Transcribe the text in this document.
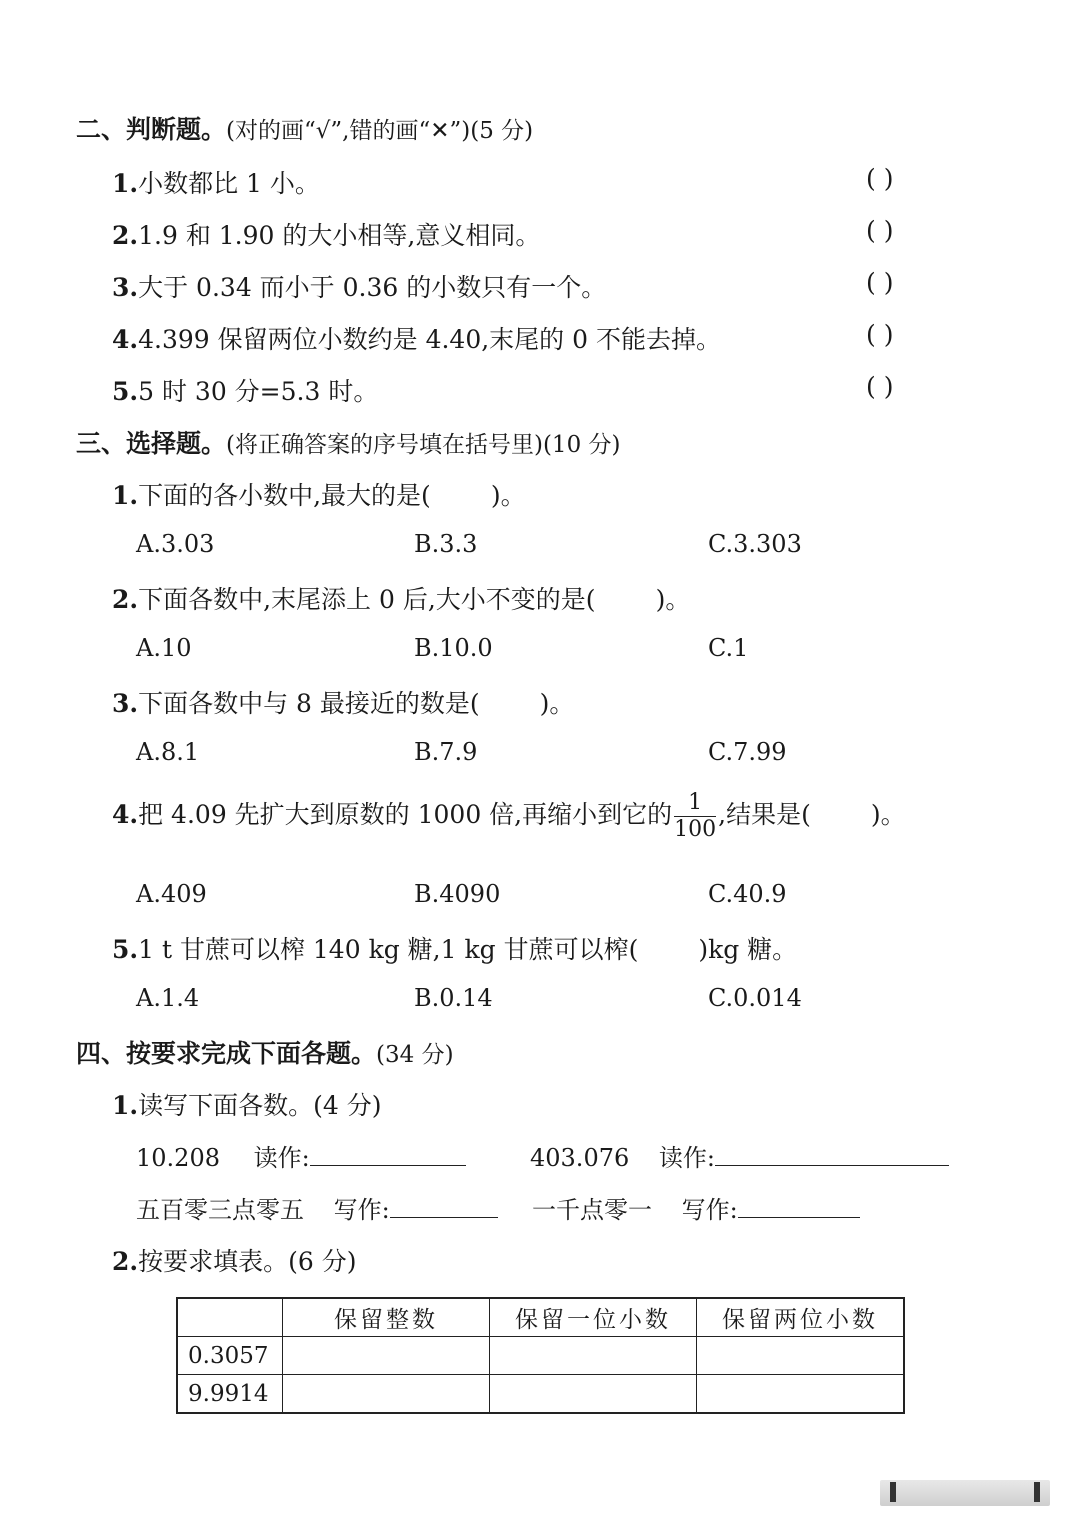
二、判断题。(对的画“√”,错的画“✕”)(5 分)
1.小数都比 1 小。	( )
2.1.9 和 1.90 的大小相等,意义相同。	( )
3.大于 0.34 而小于 0.36 的小数只有一个。	( )
4.4.399 保留两位小数约是 4.40,末尾的 0 不能去掉。	( )
5.5 时 30 分=5.3 时。	( )
三、选择题。(将正确答案的序号填在括号里)(10 分)
1.下面的各小数中,最大的是( )。
A.3.03	B.3.3	C.3.303
2.下面各数中,末尾添上 0 后,大小不变的是( )。
A.10	B.10.0	C.1
3.下面各数中与 8 最接近的数是( )。
A.8.1	B.7.9	C.7.99
4.把 4.09 先扩大到原数的 1000 倍,再缩小到它的 $\frac{1}{100}$ ,结果是( )。
A.409	B.4090	C.40.9
5.1 t 甘蔗可以榨 140 kg 糖,1 kg 甘蔗可以榨( )kg 糖。
A.1.4	B.0.14	C.0.014
四、按要求完成下面各题。(34 分)
1.读写下面各数。(4 分)
10.208 读作:	403.076 读作:
五百零三点零五 写作:	一千点零一 写作:
2.按要求填表。(6 分)
	保留整数	保留一位小数	保留两位小数
0.3057			
9.9914			
